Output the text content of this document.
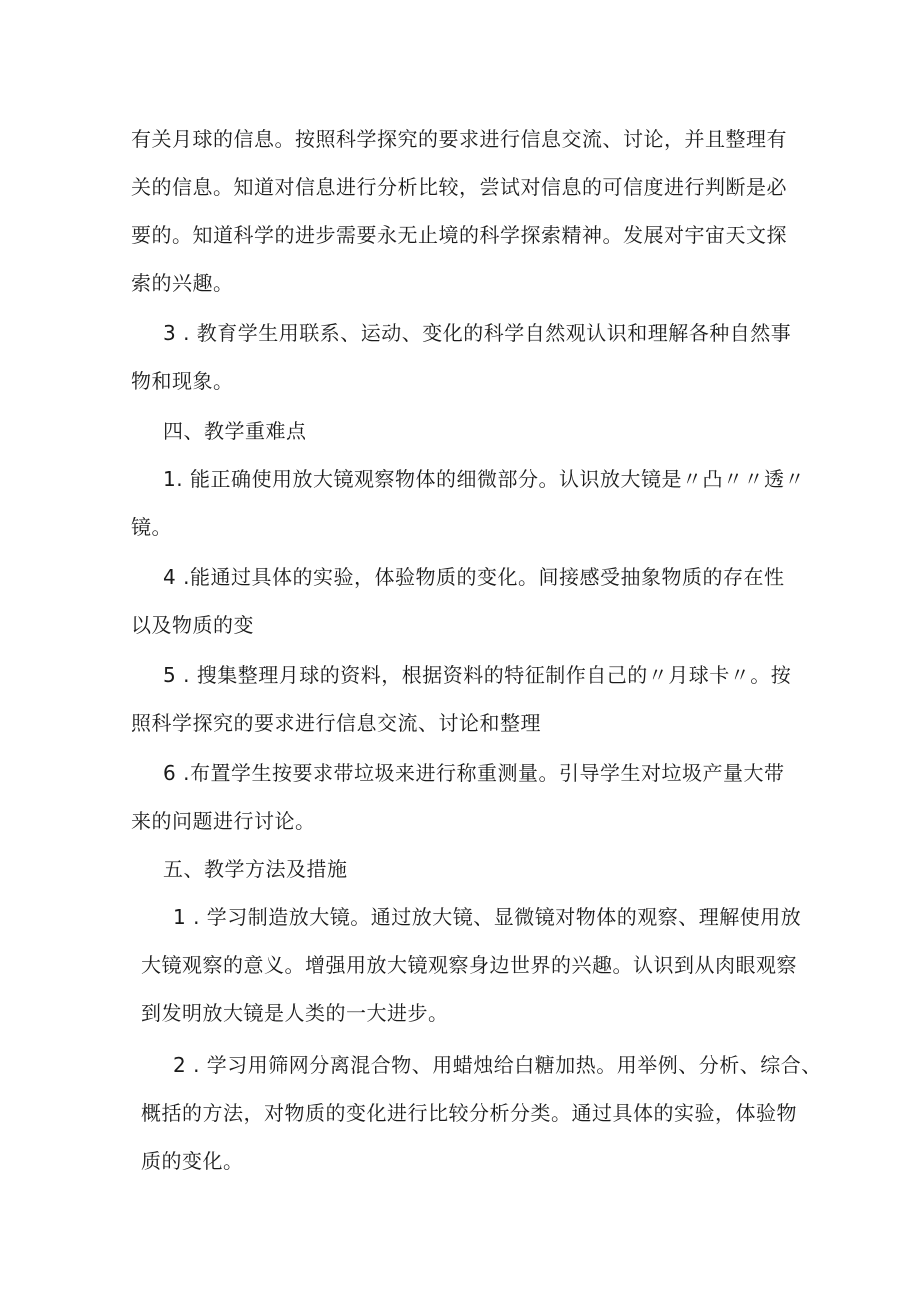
有关月球的信息。按照科学探究的要求进行信息交流、讨论，并且整理有
关的信息。知道对信息进行分析比较，尝试对信息的可信度进行判断是必
要的。知道科学的进步需要永无止境的科学探索精神。发展对宇宙天文探
索的兴趣。

3 . 教育学生用联系、运动、变化的科学自然观认识和理解各种自然事
物和现象。

四、教学重难点

1. 能正确使用放大镜观察物体的细微部分。认识放大镜是〃凸〃〃透〃
镜。

4 .能通过具体的实验，体验物质的变化。间接感受抽象物质的存在性
以及物质的变

5 . 搜集整理月球的资料，根据资料的特征制作自己的〃月球卡〃。按
照科学探究的要求进行信息交流、讨论和整理

6 .布置学生按要求带垃圾来进行称重测量。引导学生对垃圾产量大带
来的问题进行讨论。

五、教学方法及措施

1 . 学习制造放大镜。通过放大镜、显微镜对物体的观察、理解使用放
大镜观察的意义。增强用放大镜观察身边世界的兴趣。认识到从肉眼观察
到发明放大镜是人类的一大进步。

2 . 学习用筛网分离混合物、用蜡烛给白糖加热。用举例、分析、综合、
概括的方法，对物质的变化进行比较分析分类。通过具体的实验，体验物
质的变化。
